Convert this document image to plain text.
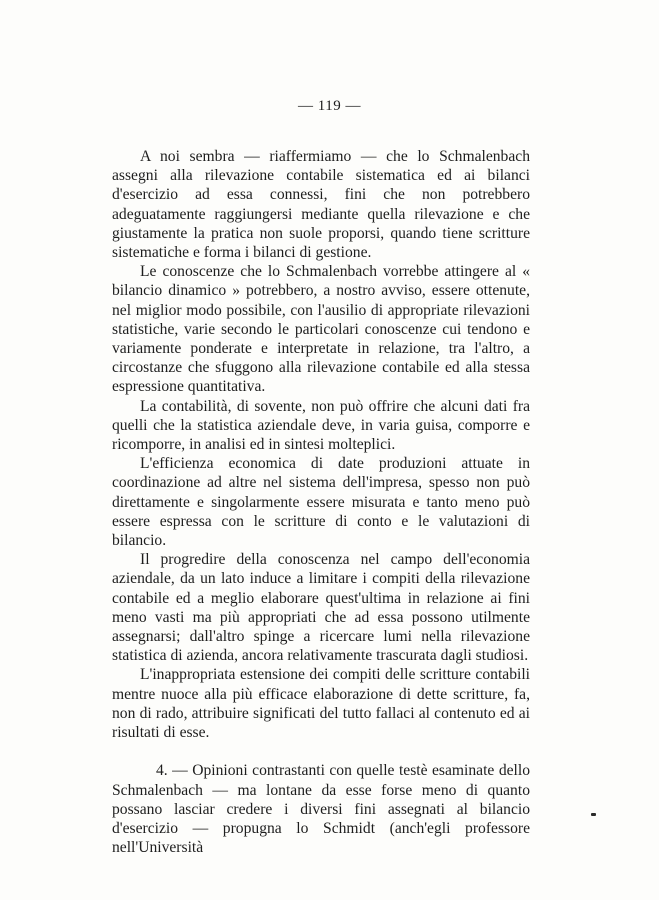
— 119 —

A noi sembra — riaffermiamo — che lo Schmalenbach assegni alla rilevazione contabile sistematica ed ai bilanci d'esercizio ad essa connessi, fini che non potrebbero adeguatamente raggiungersi mediante quella rilevazione e che giustamente la pratica non suole proporsi, quando tiene scritture sistematiche e forma i bilanci di gestione.

Le conoscenze che lo Schmalenbach vorrebbe attingere al « bilancio dinamico » potrebbero, a nostro avviso, essere ottenute, nel miglior modo possibile, con l'ausilio di appropriate rilevazioni statistiche, varie secondo le particolari conoscenze cui tendono e variamente ponderate e interpretate in relazione, tra l'altro, a circostanze che sfuggono alla rilevazione contabile ed alla stessa espressione quantitativa.

La contabilità, di sovente, non può offrire che alcuni dati fra quelli che la statistica aziendale deve, in varia guisa, comporre e ricomporre, in analisi ed in sintesi molteplici.

L'efficienza economica di date produzioni attuate in coordinazione ad altre nel sistema dell'impresa, spesso non può direttamente e singolarmente essere misurata e tanto meno può essere espressa con le scritture di conto e le valutazioni di bilancio.

Il progredire della conoscenza nel campo dell'economia aziendale, da un lato induce a limitare i compiti della rilevazione contabile ed a meglio elaborare quest'ultima in relazione ai fini meno vasti ma più appropriati che ad essa possono utilmente assegnarsi; dall'altro spinge a ricercare lumi nella rilevazione statistica di azienda, ancora relativamente trascurata dagli studiosi.

L'inappropriata estensione dei compiti delle scritture contabili mentre nuoce alla più efficace elaborazione di dette scritture, fa, non di rado, attribuire significati del tutto fallaci al contenuto ed ai risultati di esse.

4. — Opinioni contrastanti con quelle testè esaminate dello Schmalenbach — ma lontane da esse forse meno di quanto possano lasciar credere i diversi fini assegnati al bilancio d'esercizio — propugna lo Schmidt (anch'egli professore nell'Università
